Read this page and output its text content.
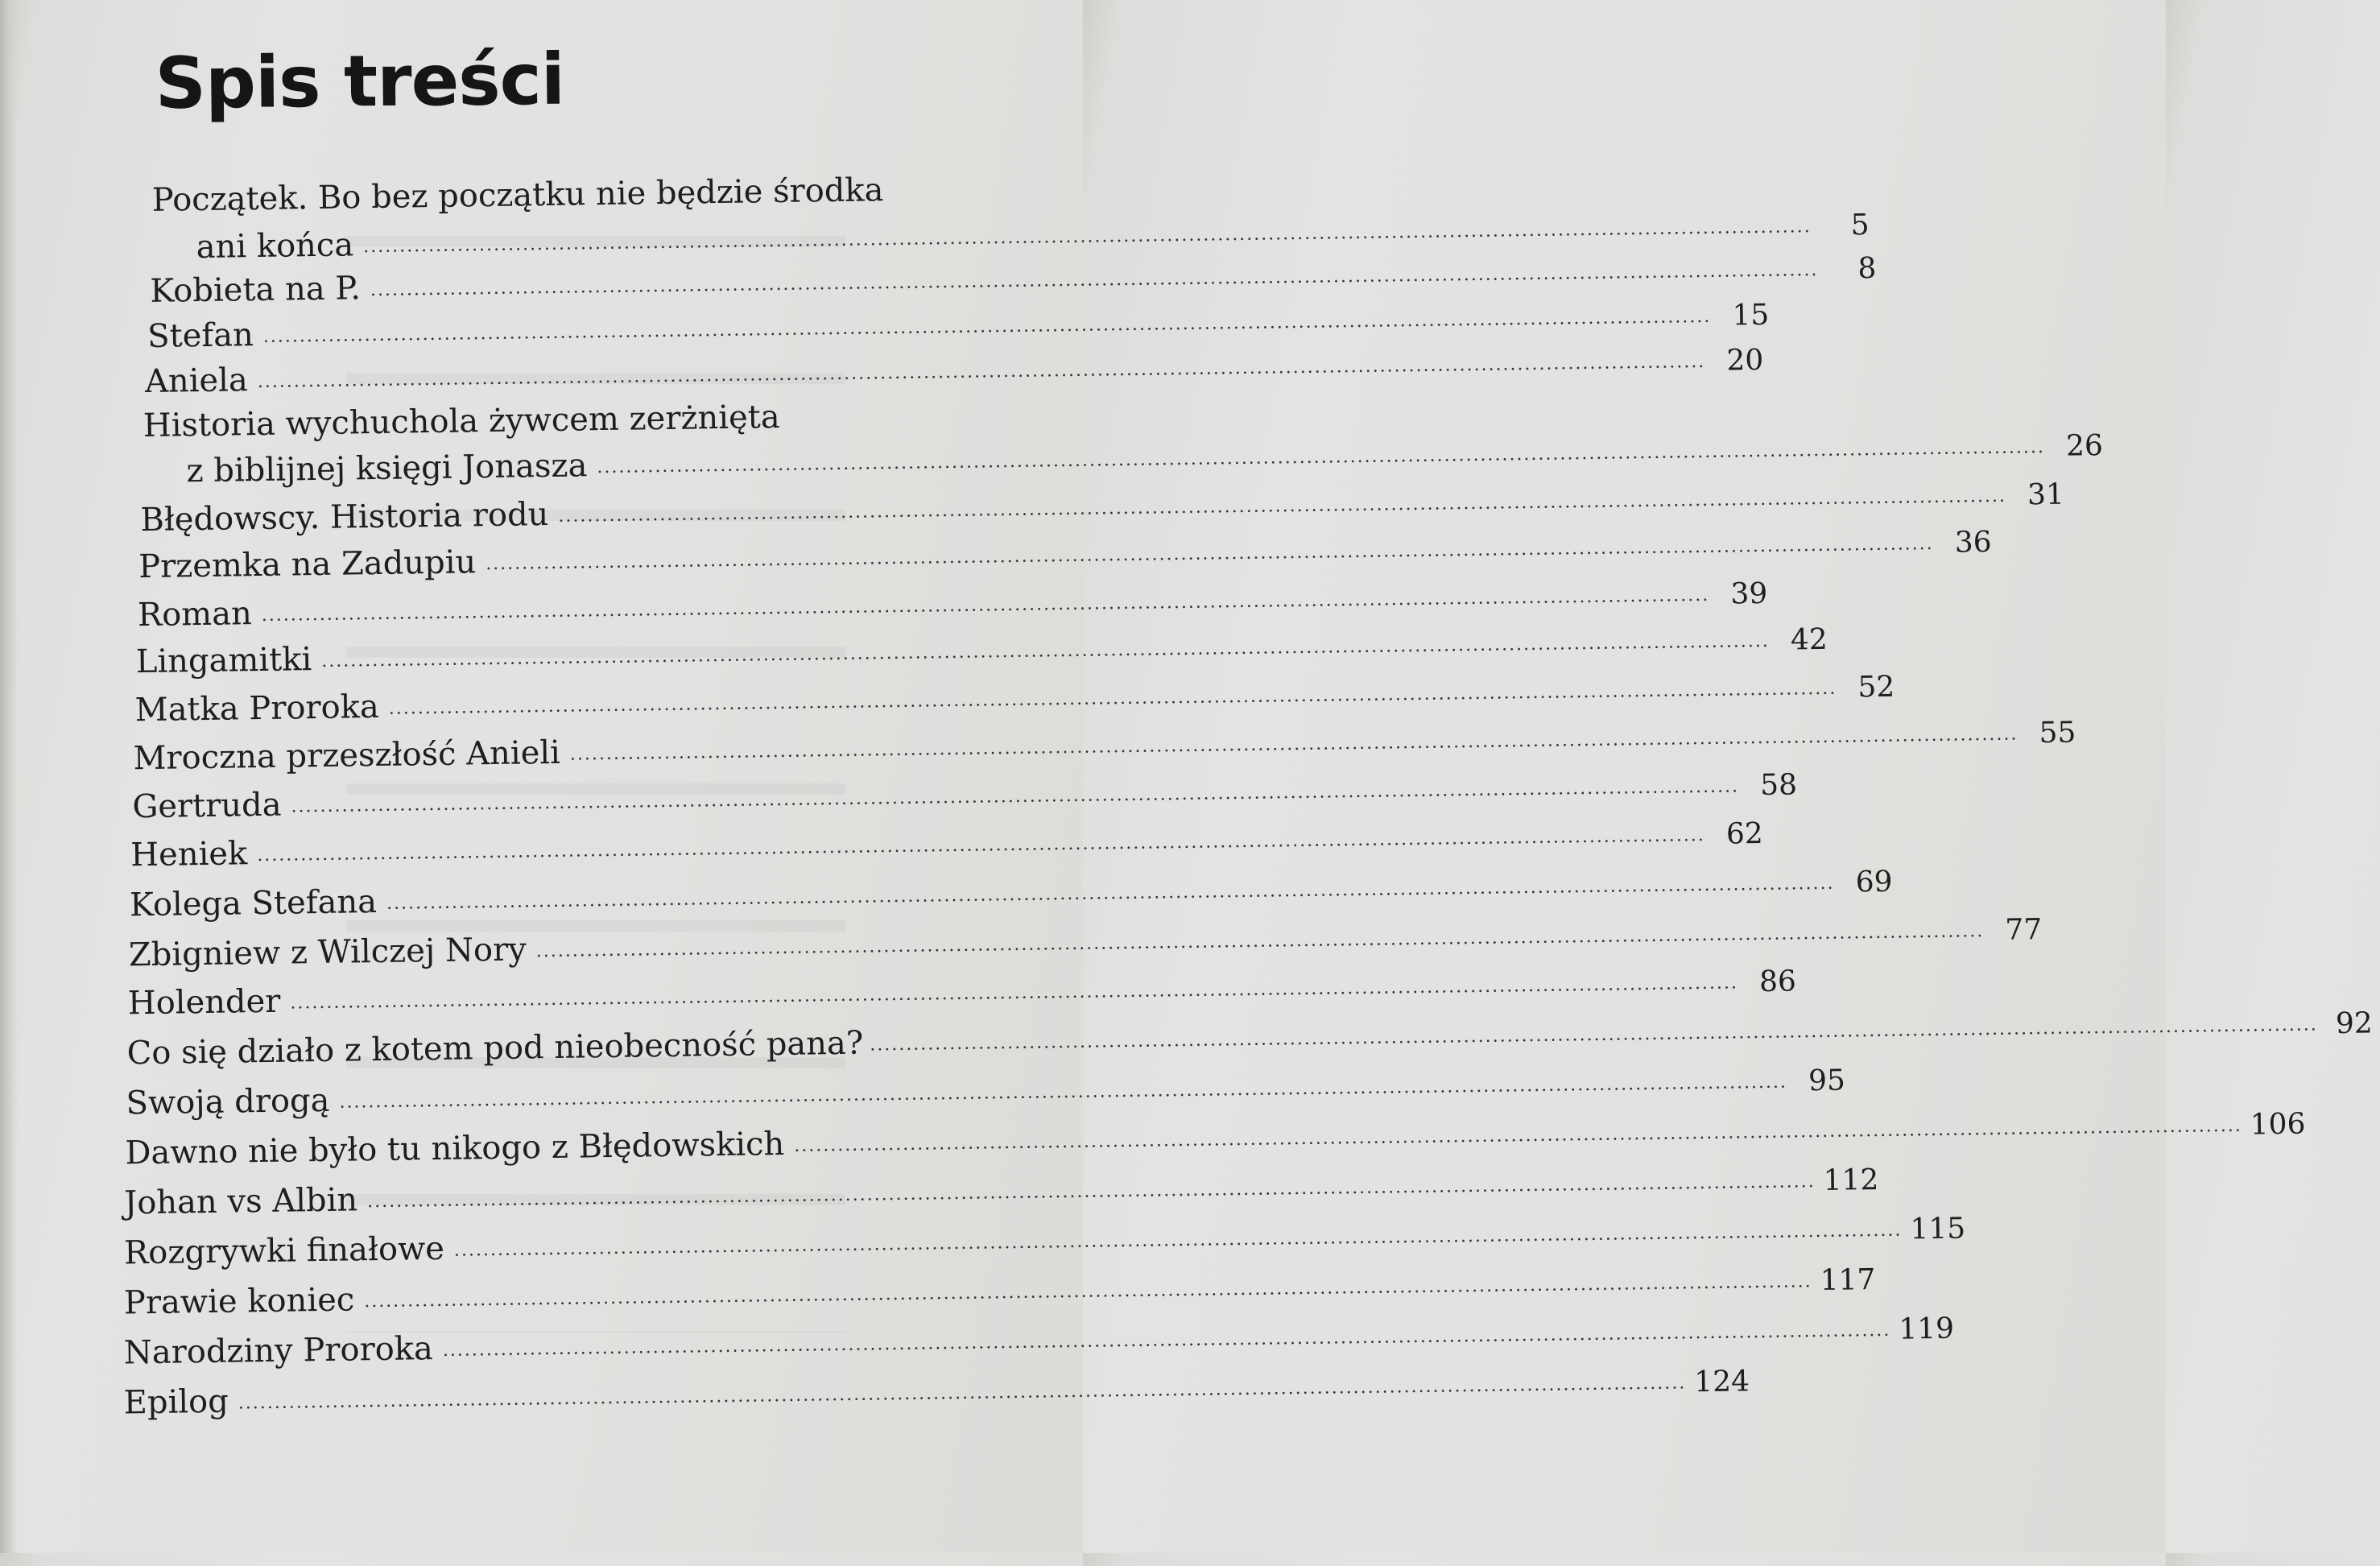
Spis treści
Początek. Bo bez początku nie będzie środka
ani końca ........................................................................................................................................................................................................	5
Kobieta na P. ........................................................................................................................................................................................................	8
Stefan ........................................................................................................................................................................................................ 15
Aniela ........................................................................................................................................................................................................ 20
Historia wychuchola żywcem zerżnięta
z biblijnej księgi Jonasza ........................................................................................................................................................................................................ 26
Błędowscy. Historia rodu ........................................................................................................................................................................................................ 31
Przemka na Zadupiu ........................................................................................................................................................................................................ 36
Roman ........................................................................................................................................................................................................ 39
Lingamitki ........................................................................................................................................................................................................ 42
Matka Proroka ........................................................................................................................................................................................................ 52
Mroczna przeszłość Anieli ........................................................................................................................................................................................................ 55
Gertruda ........................................................................................................................................................................................................ 58
Heniek ........................................................................................................................................................................................................ 62
Kolega Stefana ........................................................................................................................................................................................................ 69
Zbigniew z Wilczej Nory ........................................................................................................................................................................................................ 77
Holender ........................................................................................................................................................................................................ 86
Co się działo z kotem pod nieobecność pana? ........................................................................................................................................................................................................ 92
Swoją drogą ........................................................................................................................................................................................................ 95
Dawno nie było tu nikogo z Błędowskich ........................................................................................................................................................................................................ 106
Johan vs Albin ........................................................................................................................................................................................................ 112
Rozgrywki finałowe ........................................................................................................................................................................................................ 115
Prawie koniec ........................................................................................................................................................................................................ 117
Narodziny Proroka ........................................................................................................................................................................................................ 119
Epilog ........................................................................................................................................................................................................ 124
